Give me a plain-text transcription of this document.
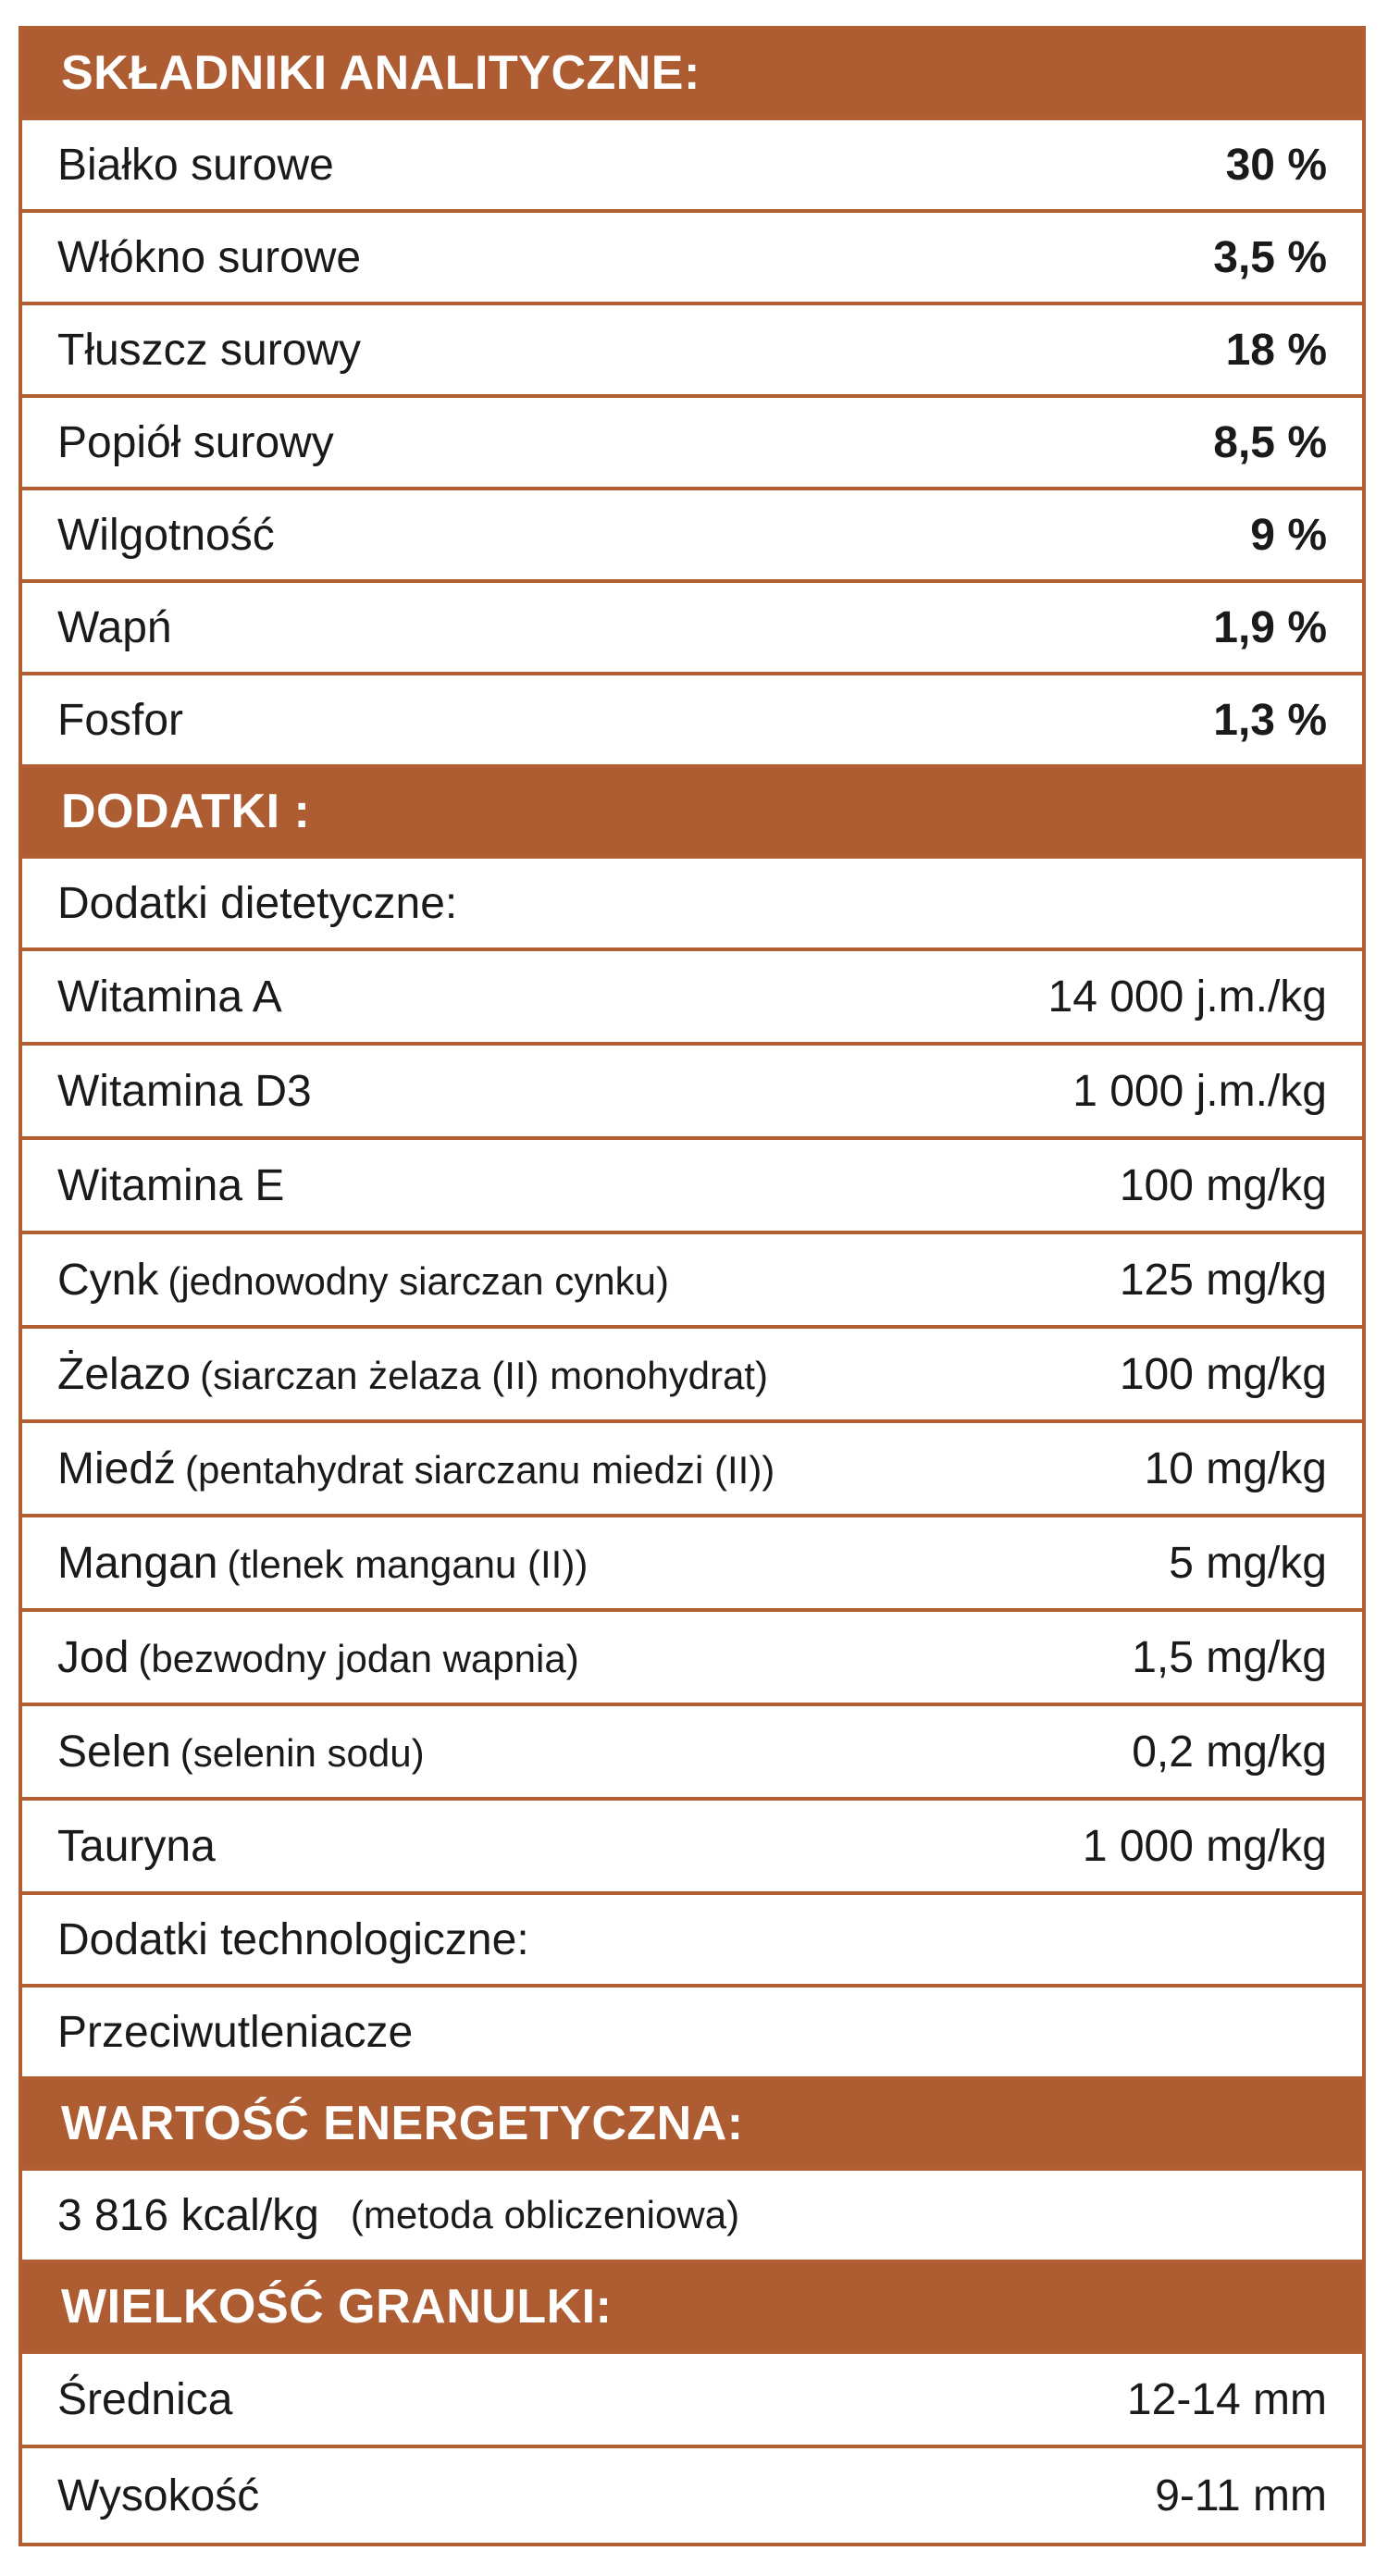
SKŁADNIKI ANALITYCZNE:
Białko surowe	30 %
Włókno surowe	3,5 %
Tłuszcz surowy	18 %
Popiół surowy	8,5 %
Wilgotność	9 %
Wapń	1,9 %
Fosfor	1,3 %
DODATKI :
Dodatki dietetyczne:
Witamina A	14 000 j.m./kg
Witamina D3	1 000 j.m./kg
Witamina E	100 mg/kg
Cynk (jednowodny siarczan cynku)	125 mg/kg
Żelazo (siarczan żelaza (II) monohydrat)	100 mg/kg
Miedź (pentahydrat siarczanu miedzi (II))	10 mg/kg
Mangan (tlenek manganu (II))	5 mg/kg
Jod (bezwodny jodan wapnia)	1,5 mg/kg
Selen (selenin sodu)	0,2 mg/kg
Tauryna	1 000 mg/kg
Dodatki technologiczne:
Przeciwutleniacze
WARTOŚĆ ENERGETYCZNA:
3 816 kcal/kg (metoda obliczeniowa)
WIELKOŚĆ GRANULKI:
Średnica	12-14 mm
Wysokość	9-11 mm
